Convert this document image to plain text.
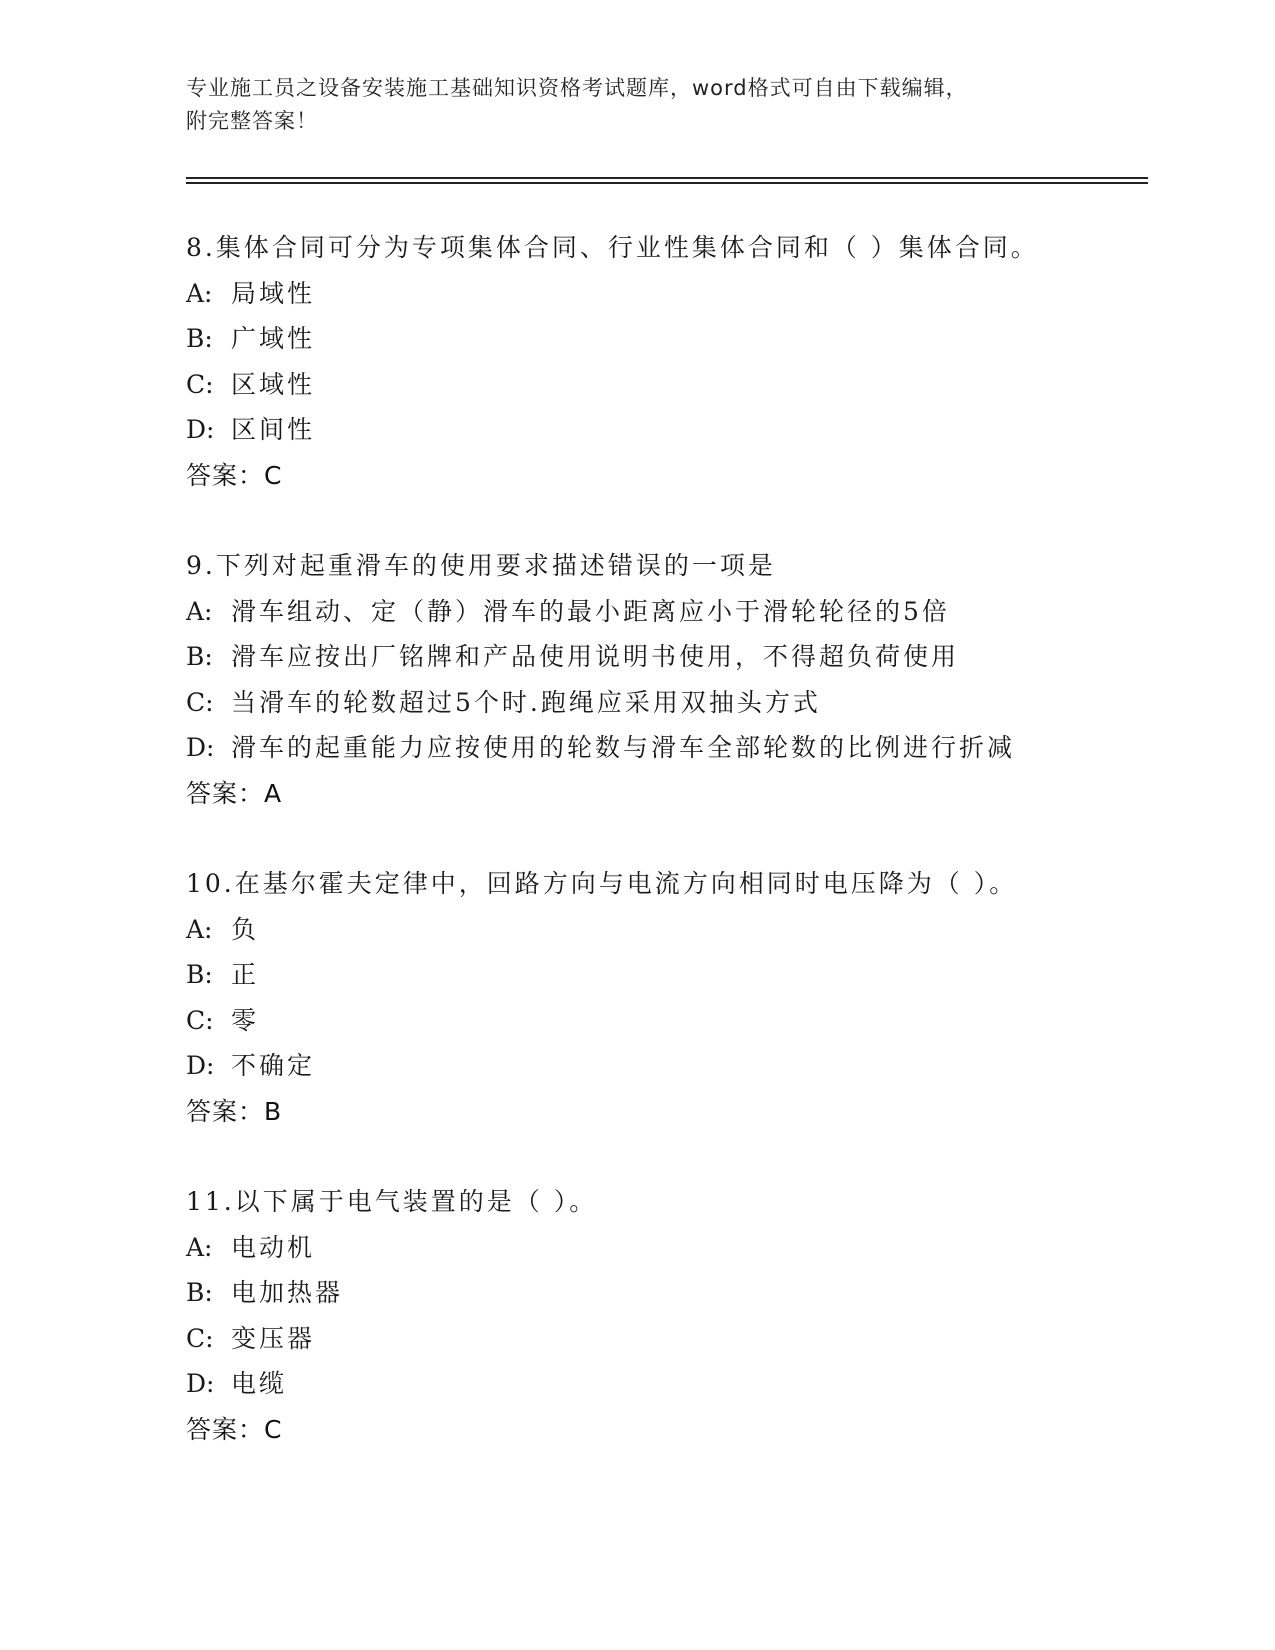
专业施工员之设备安装施工基础知识资格考试题库，word格式可自由下载编辑，
附完整答案！
8.集体合同可分为专项集体合同、行业性集体合同和（ ）集体合同。
A: 局域性
B: 广域性
C: 区域性
D: 区间性
答案：C
9.下列对起重滑车的使用要求描述错误的一项是
A: 滑车组动、定（静）滑车的最小距离应小于滑轮轮径的5倍
B: 滑车应按出厂铭牌和产品使用说明书使用，不得超负荷使用
C: 当滑车的轮数超过5个时.跑绳应采用双抽头方式
D: 滑车的起重能力应按使用的轮数与滑车全部轮数的比例进行折减
答案：A
10.在基尔霍夫定律中，回路方向与电流方向相同时电压降为（ ）。
A: 负
B: 正
C: 零
D: 不确定
答案：B
11.以下属于电气装置的是（ ）。
A: 电动机
B: 电加热器
C: 变压器
D: 电缆
答案：C
